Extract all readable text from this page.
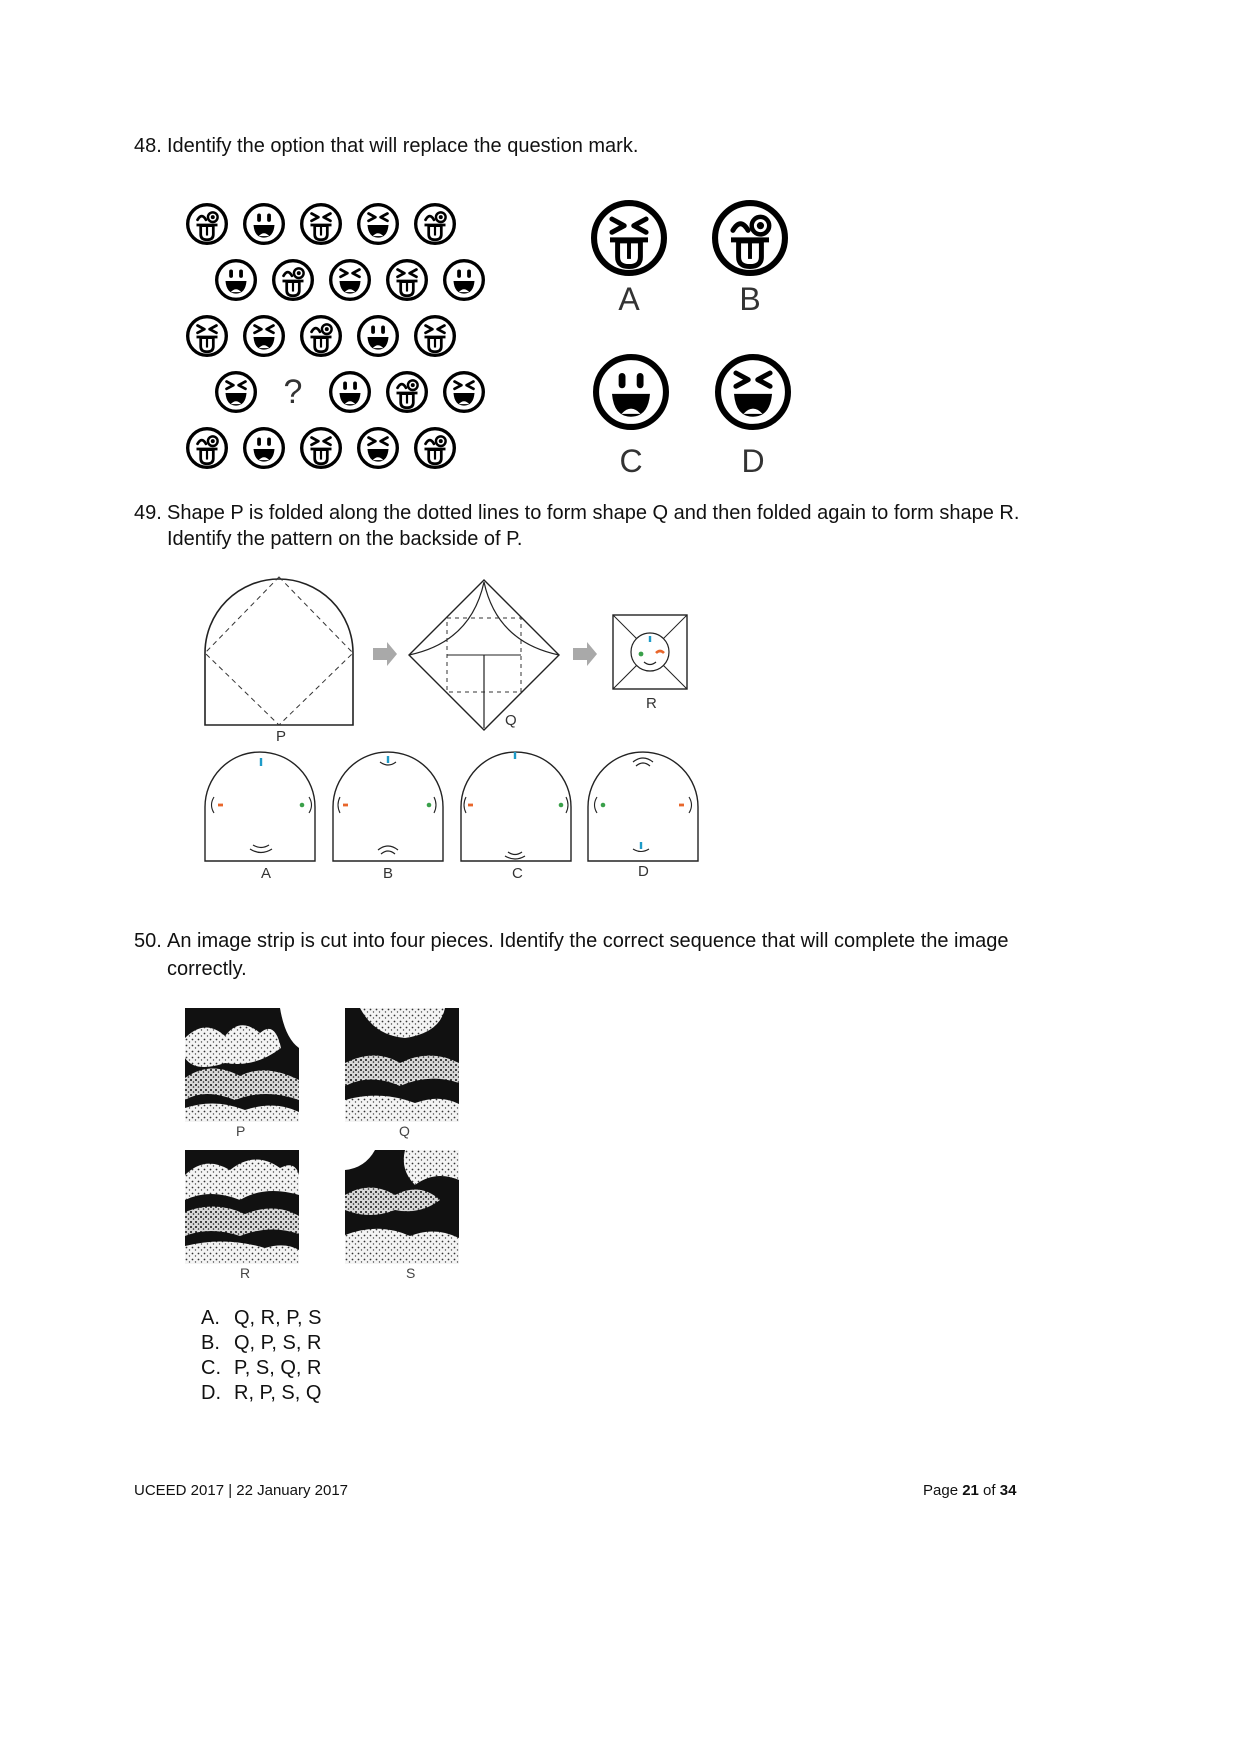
48. Identify the option that will replace the question mark.
?
A	B
C	D
49. Shape P is folded along the dotted lines to form shape Q and then folded again to form shape R.
Identify the pattern on the backside of P.
P
Q
R
A	B	C	D
50. An image strip is cut into four pieces. Identify the correct sequence that will complete the image
correctly.
P	Q
R	S
A. Q, R, P, S
B. Q, P, S, R
C. P, S, Q, R
D. R, P, S, Q
UCEED 2017 | 22 January 2017	Page 21 of 34
